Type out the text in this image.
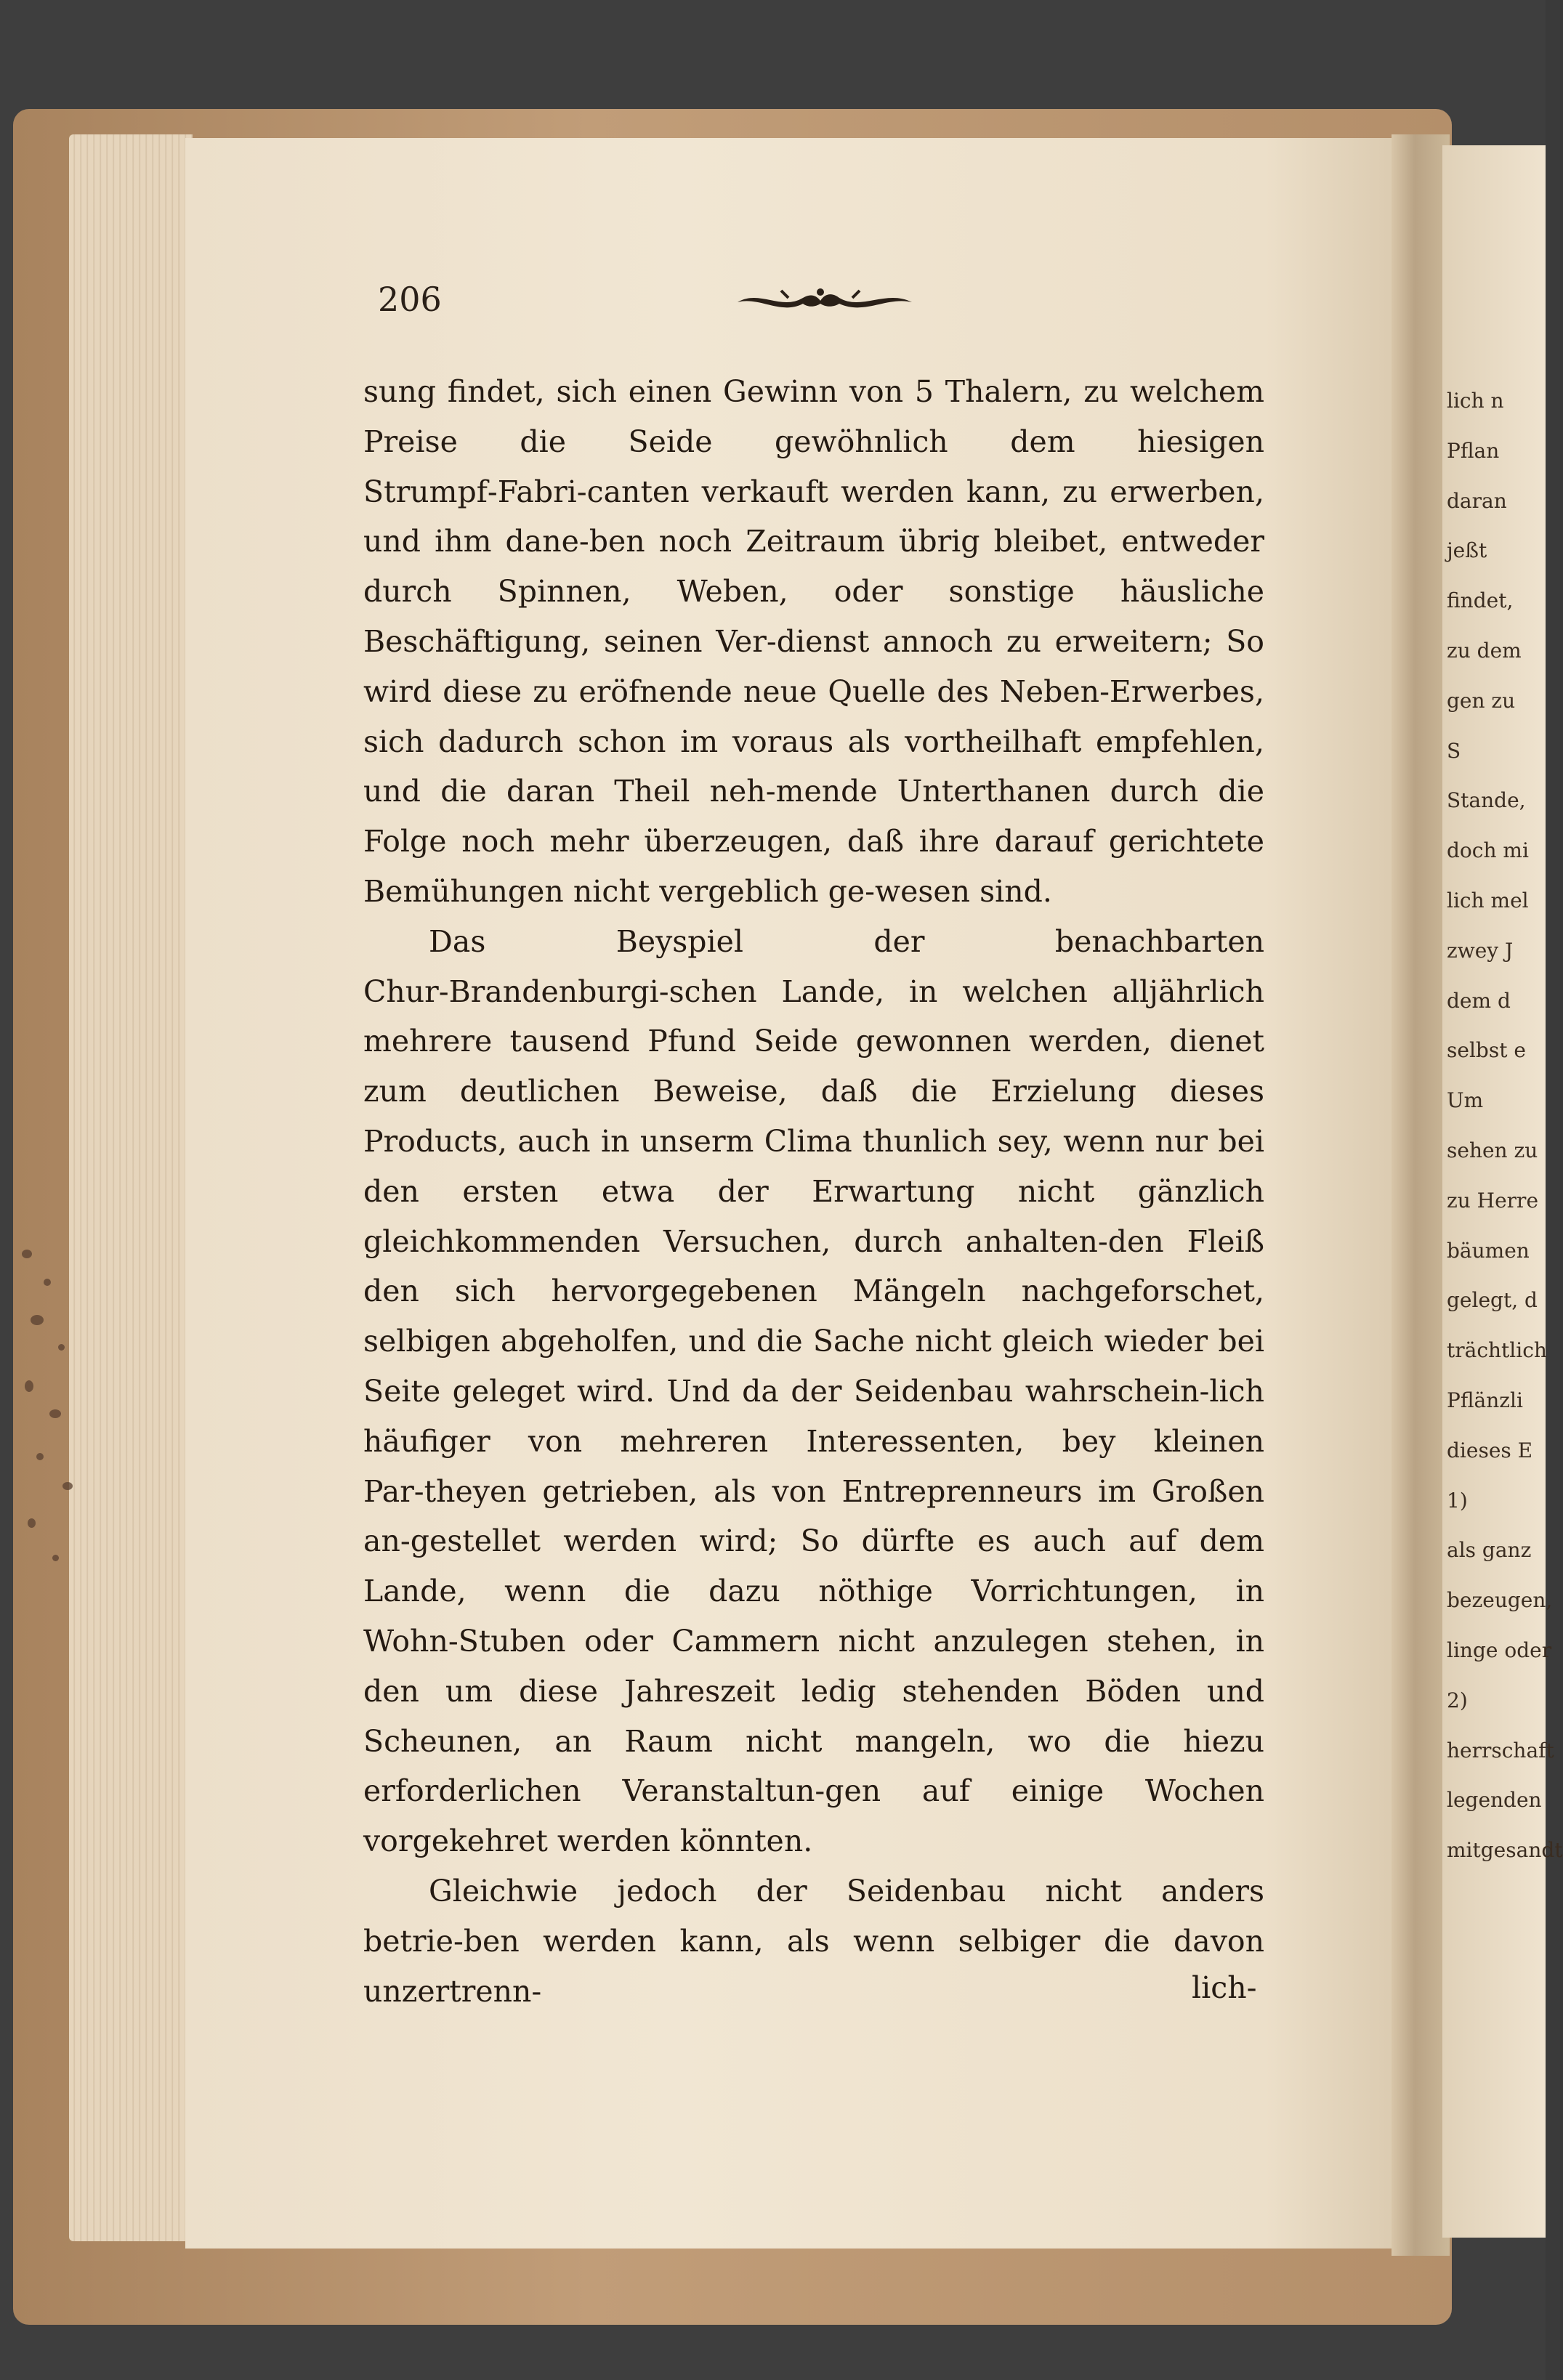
206

sung findet, sich einen Gewinn von 5 Thalern, zu welchem Preise die Seide gewöhnlich dem hiesigen Strumpf‑Fabri‑canten verkauft werden kann, zu erwerben, und ihm dane‑ben noch Zeitraum übrig bleibet, entweder durch Spinnen, Weben, oder sonstige häusliche Beschäftigung, seinen Ver‑dienst annoch zu erweitern; So wird diese zu eröfnende neue Quelle des Neben‑Erwerbes, sich dadurch schon im voraus als vortheilhaft empfehlen, und die daran Theil neh‑mende Unterthanen durch die Folge noch mehr überzeugen, daß ihre darauf gerichtete Bemühungen nicht vergeblich ge‑wesen sind.

Das Beyspiel der benachbarten Chur‑Brandenburgi‑schen Lande, in welchen alljährlich mehrere tausend Pfund Seide gewonnen werden, dienet zum deutlichen Beweise, daß die Erzielung dieses Products, auch in unserm Clima thunlich sey, wenn nur bei den ersten etwa der Erwartung nicht gänzlich gleichkommenden Versuchen, durch anhalten‑den Fleiß den sich hervorgegebenen Mängeln nachgeforschet, selbigen abgeholfen, und die Sache nicht gleich wieder bei Seite geleget wird. Und da der Seidenbau wahrschein‑lich häufiger von mehreren Interessenten, bey kleinen Par‑theyen getrieben, als von Entreprenneurs im Großen an‑gestellet werden wird; So dürfte es auch auf dem Lande, wenn die dazu nöthige Vorrichtungen, in Wohn‑Stuben oder Cammern nicht anzulegen stehen, in den um diese Jahreszeit ledig stehenden Böden und Scheunen, an Raum nicht mangeln, wo die hiezu erforderlichen Veranstaltun‑gen auf einige Wochen vorgekehret werden könnten.

Gleichwie jedoch der Seidenbau nicht anders betrie‑ben werden kann, als wenn selbiger die davon unzertrenn‑	lich‑

lich n
Pflan
daran
jeßt
findet,
zu dem
gen zu
S
Stande,
doch mi
lich mel
zwey J
dem d
selbst e
Um
sehen zu
zu Herre
bäumen
gelegt, d
trächtlich
Pflänzli
dieses E
1)
als ganz
bezeugen,
linge oder
2)
herrschaft
legenden
mitgesandt
